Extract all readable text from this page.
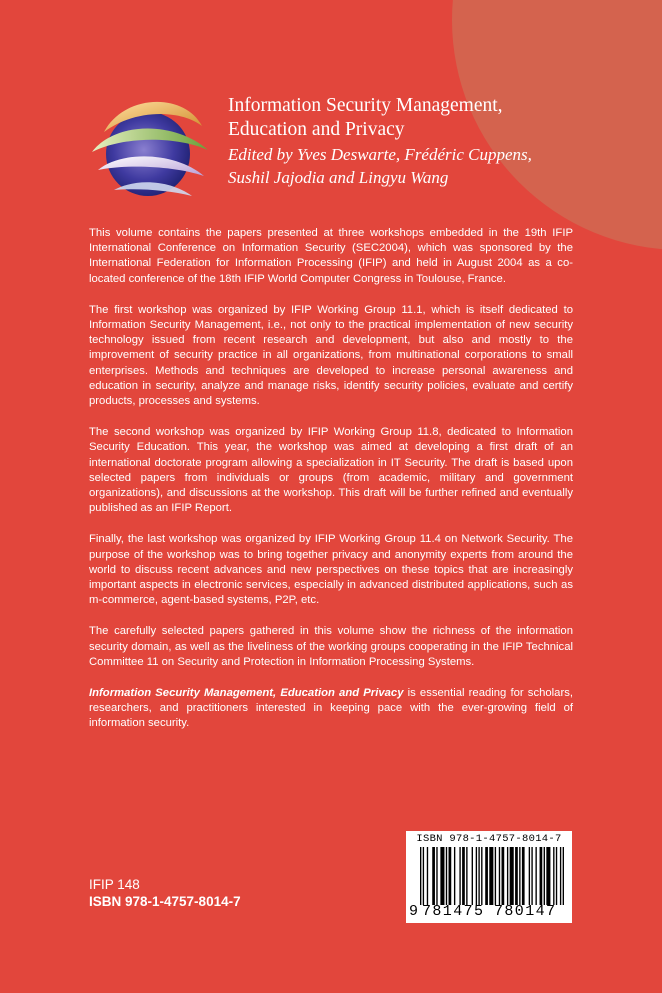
Information Security Management,
Education and Privacy

Edited by Yves Deswarte, Frédéric Cuppens,
Sushil Jajodia and Lingyu Wang

This volume contains the papers presented at three workshops embedded in the 19th IFIP International Conference on Information Security (SEC2004), which was sponsored by the International Federation for Information Processing (IFIP) and held in August 2004 as a co-located conference of the 18th IFIP World Computer Congress in Toulouse, France.

The first workshop was organized by IFIP Working Group 11.1, which is itself dedicated to Information Security Management, i.e., not only to the practical implementation of new security technology issued from recent research and development, but also and mostly to the improvement of security practice in all organizations, from multinational corporations to small enterprises. Methods and techniques are developed to increase personal awareness and education in security, analyze and manage risks, identify security policies, evaluate and certify products, processes and systems.

The second workshop was organized by IFIP Working Group 11.8, dedicated to Information Security Education. This year, the workshop was aimed at developing a first draft of an international doctorate program allowing a specialization in IT Security. The draft is based upon selected papers from individuals or groups (from academic, military and government organizations), and discussions at the workshop. This draft will be further refined and eventually published as an IFIP Report.

Finally, the last workshop was organized by IFIP Working Group 11.4 on Network Security. The purpose of the workshop was to bring together privacy and anonymity experts from around the world to discuss recent advances and new perspectives on these topics that are increasingly important aspects in electronic services, especially in advanced distributed applications, such as m-commerce, agent-based systems, P2P, etc.

The carefully selected papers gathered in this volume show the richness of the information security domain, as well as the liveliness of the working groups cooperating in the IFIP Technical Committee 11 on Security and Protection in Information Processing Systems.

Information Security Management, Education and Privacy is essential reading for scholars, researchers, and practitioners interested in keeping pace with the ever-growing field of information security.

IFIP 148
ISBN 978-1-4757-8014-7
ISBN 978-1-4757-8014-7
9 781475 780147
